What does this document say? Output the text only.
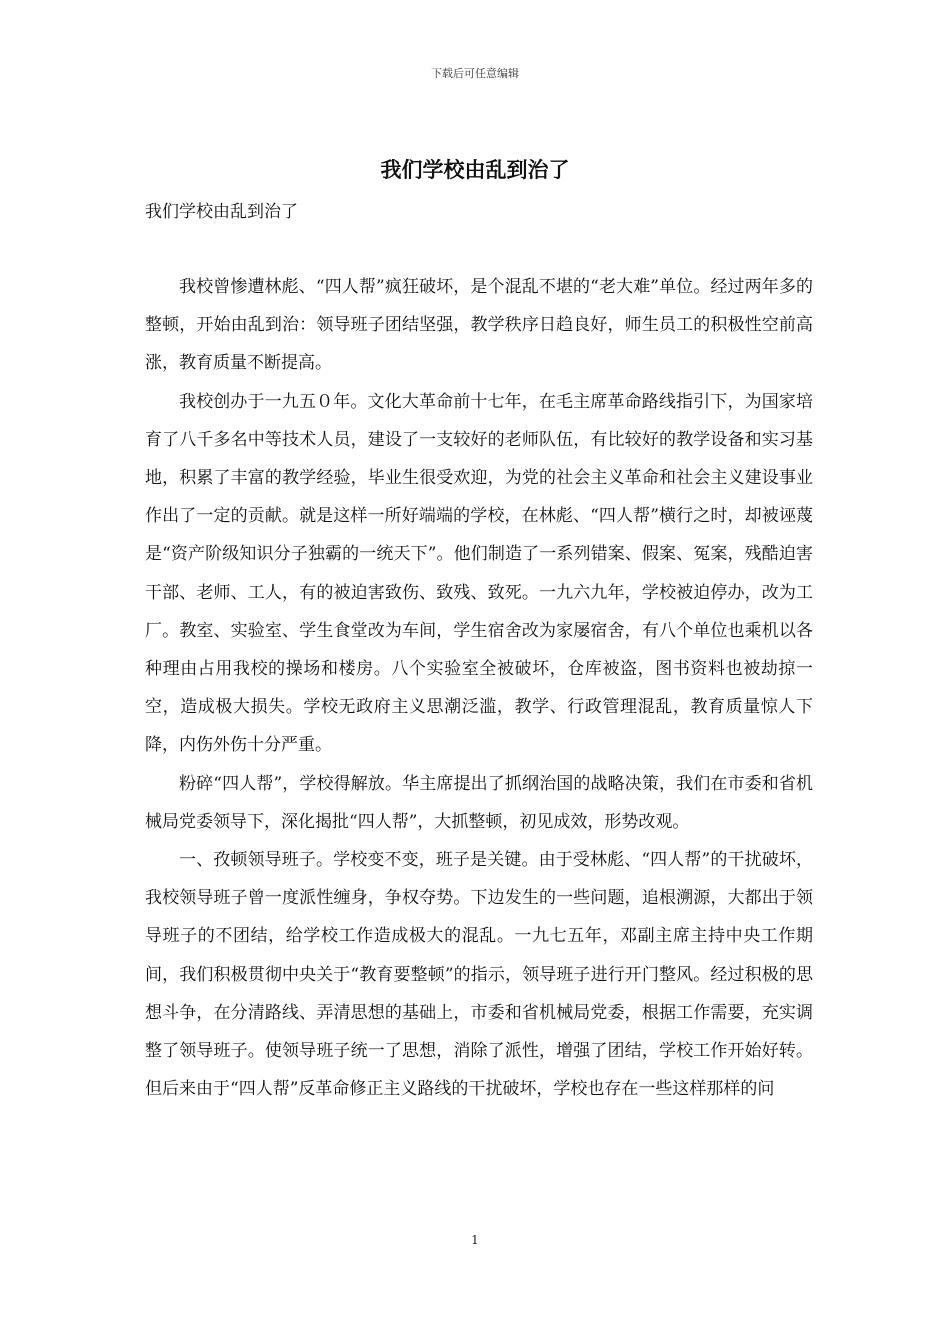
下载后可任意编辑
我们学校由乱到治了
我们学校由乱到治了

我校曾惨遭林彪、“四人帮”疯狂破坏，是个混乱不堪的“老大难”单位。经过两年多的整顿，开始由乱到治：领导班子团结坚强，教学秩序日趋良好，师生员工的积极性空前高涨，教育质量不断提高。

我校创办于一九五０年。文化大革命前十七年，在毛主席革命路线指引下，为国家培育了八千多名中等技术人员，建设了一支较好的老师队伍，有比较好的教学设备和实习基地，积累了丰富的教学经验，毕业生很受欢迎，为党的社会主义革命和社会主义建设事业作出了一定的贡献。就是这样一所好端端的学校，在林彪、“四人帮”横行之时，却被诬蔑是“资产阶级知识分子独霸的一统天下”。他们制造了一系列错案、假案、冤案，残酷迫害干部、老师、工人，有的被迫害致伤、致残、致死。一九六九年，学校被迫停办，改为工厂。教室、实验室、学生食堂改为车间，学生宿舍改为家屡宿舍，有八个单位也乘机以各种理由占用我校的操场和楼房。八个实验室全被破坏，仓库被盗，图书资料也被劫掠一空，造成极大损失。学校无政府主义思潮泛滥，教学、行政管理混乱，教育质量惊人下降，内伤外伤十分严重。

粉碎“四人帮”，学校得解放。华主席提出了抓纲治国的战略决策，我们在市委和省机械局党委领导下，深化揭批“四人帮”，大抓整顿，初见成效，形势改观。

一、孜顿领导班子。学校变不变，班子是关键。由于受林彪、“四人帮”的干扰破坏，我校领导班子曾一度派性缠身，争权夺势。下边发生的一些问题，追根溯源，大都出于领导班子的不团结，给学校工作造成极大的混乱。一九七五年，邓副主席主持中央工作期间，我们积极贯彻中央关于“教育要整顿”的指示，领导班子进行开门整风。经过积极的思想斗争，在分清路线、弄清思想的基础上，市委和省机械局党委，根据工作需要，充实调整了领导班子。使领导班子统一了思想，消除了派性，增强了团结，学校工作开始好转。但后来由于“四人帮”反革命修正主义路线的干扰破坏，学校也存在一些这样那样的问

1
